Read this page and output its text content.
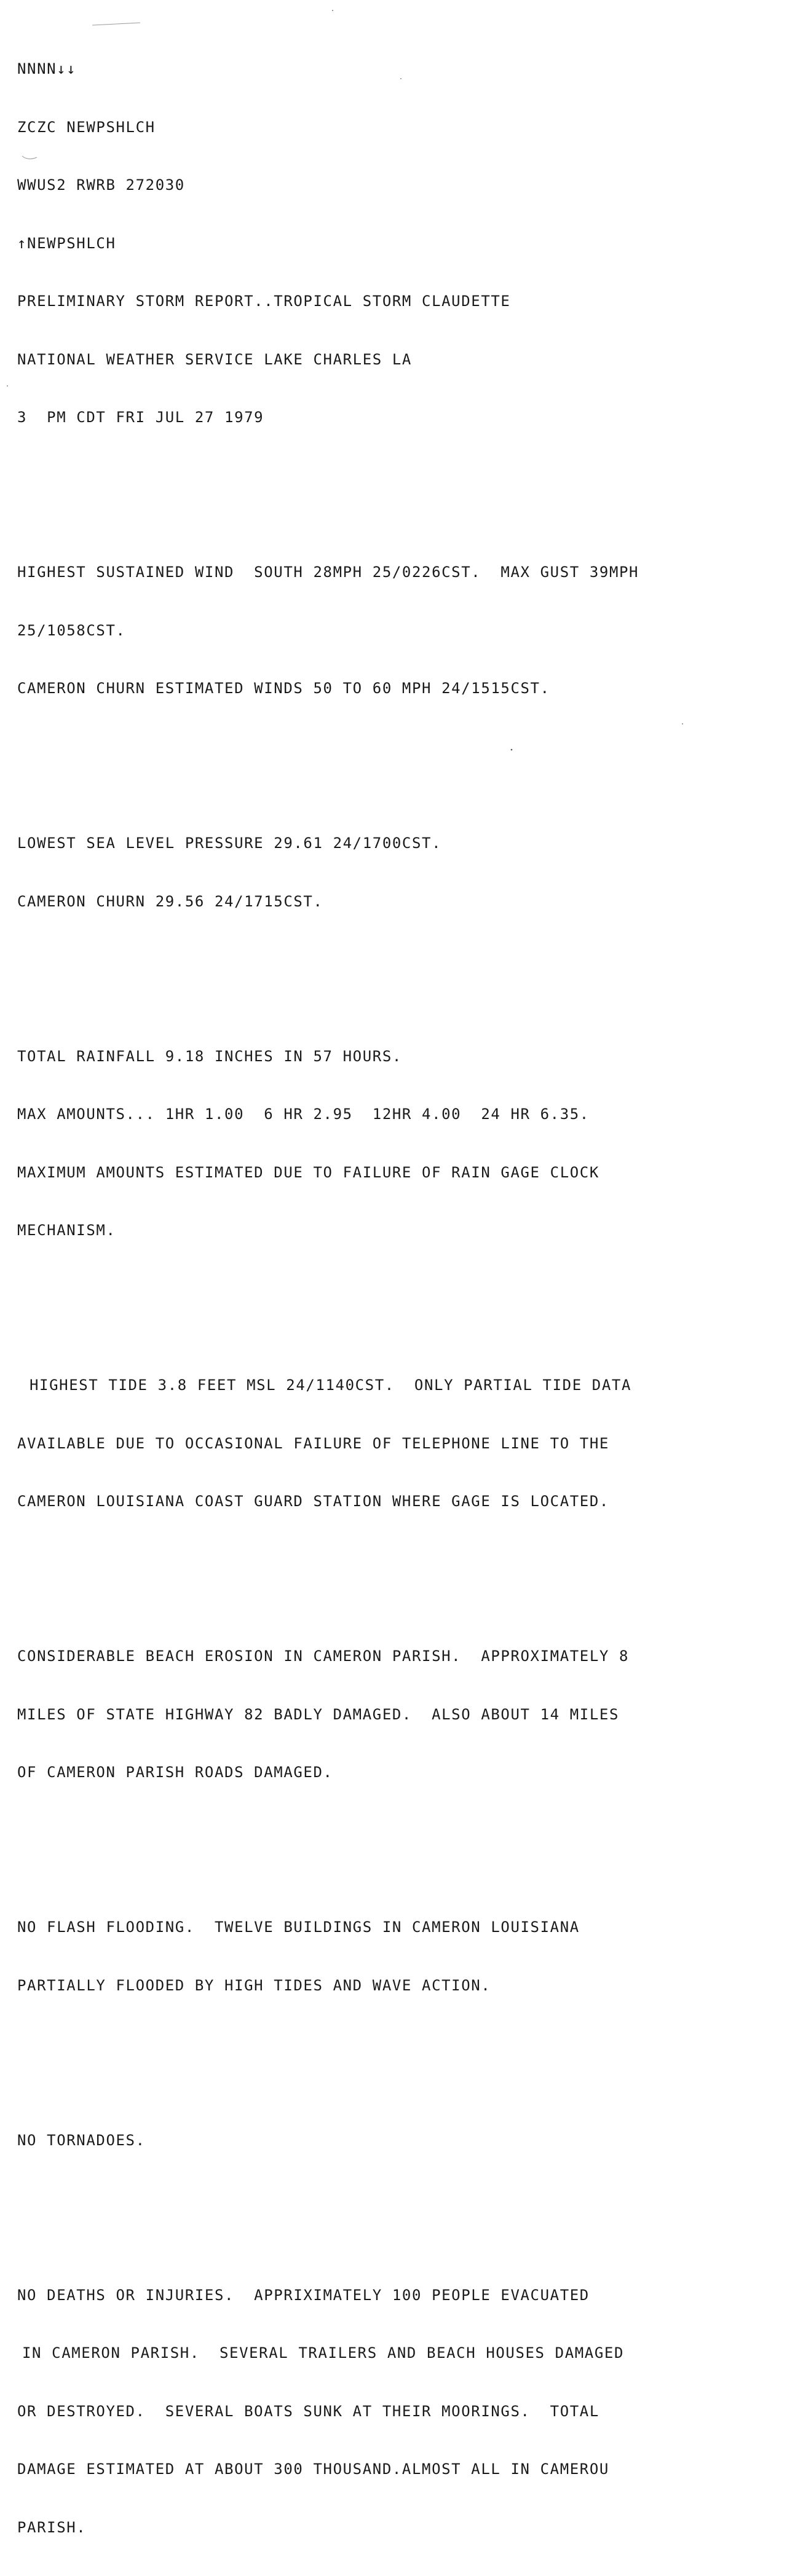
NNNN↓↓

ZCZC NEWPSHLCH

WWUS2 RWRB 272030

↑NEWPSHLCH

PRELIMINARY STORM REPORT..TROPICAL STORM CLAUDETTE

NATIONAL WEATHER SERVICE LAKE CHARLES LA

3  PM CDT FRI JUL 27 1979

HIGHEST SUSTAINED WIND  SOUTH 28MPH 25/0226CST.  MAX GUST 39MPH

25/1058CST.

CAMERON CHURN ESTIMATED WINDS 50 TO 60 MPH 24/1515CST.

LOWEST SEA LEVEL PRESSURE 29.61 24/1700CST.

CAMERON CHURN 29.56 24/1715CST.

TOTAL RAINFALL 9.18 INCHES IN 57 HOURS.

MAX AMOUNTS... 1HR 1.00  6 HR 2.95  12HR 4.00  24 HR 6.35.

MAXIMUM AMOUNTS ESTIMATED DUE TO FAILURE OF RAIN GAGE CLOCK

MECHANISM.

HIGHEST TIDE 3.8 FEET MSL 24/1140CST.  ONLY PARTIAL TIDE DATA

AVAILABLE DUE TO OCCASIONAL FAILURE OF TELEPHONE LINE TO THE

CAMERON LOUISIANA COAST GUARD STATION WHERE GAGE IS LOCATED.

CONSIDERABLE BEACH EROSION IN CAMERON PARISH.  APPROXIMATELY 8

MILES OF STATE HIGHWAY 82 BADLY DAMAGED.  ALSO ABOUT 14 MILES

OF CAMERON PARISH ROADS DAMAGED.

NO FLASH FLOODING.  TWELVE BUILDINGS IN CAMERON LOUISIANA

PARTIALLY FLOODED BY HIGH TIDES AND WAVE ACTION.

NO TORNADOES.

NO DEATHS OR INJURIES.  APPRIXIMATELY 100 PEOPLE EVACUATED

IN CAMERON PARISH.  SEVERAL TRAILERS AND BEACH HOUSES DAMAGED

OR DESTROYED.  SEVERAL BOATS SUNK AT THEIR MOORINGS.  TOTAL

DAMAGE ESTIMATED AT ABOUT 300 THOUSAND.ALMOST ALL IN CAMEROU

PARISH.
